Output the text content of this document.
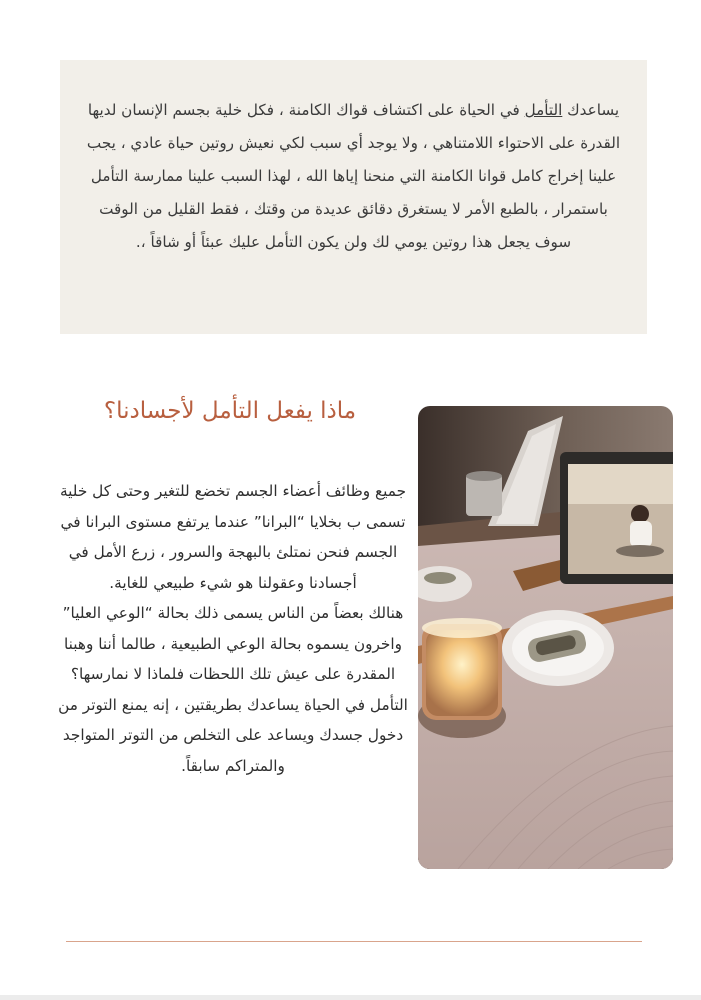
يساعدك التأمل في الحياة على اكتشاف قواك الكامنة ، فكل خلية بجسم الإنسان لديها القدرة على الاحتواء اللامتناهي ، ولا يوجد أي سبب لكي نعيش روتين حياة عادي ، يجب علينا إخراج كامل قوانا الكامنة التي منحنا إياها الله ، لهذا السبب علينا ممارسة التأمل باستمرار ، بالطبع الأمر لا يستغرق دقائق عديدة من وقتك ، فقط القليل من الوقت سوف يجعل هذا روتين يومي لك ولن يكون التأمل عليك عبئاً أو شاقاً ،.

ماذا يفعل التأمل لأجسادنا؟
جميع وظائف أعضاء الجسم تخضع للتغير وحتى كل خلية تسمى ب بخلايا “البرانا” عندما يرتفع مستوى البرانا في الجسم فنحن نمتلئ بالبهجة والسرور ، زرع الأمل في أجسادنا وعقولنا هو شيء طبيعي للغاية.
هنالك بعضاً من الناس يسمى ذلك بحالة “الوعي العليا” واخرون يسموه بحالة الوعي الطبيعية ، طالما أننا وهبنا المقدرة على عيش تلك اللحظات فلماذا لا نمارسها؟
التأمل في الحياة يساعدك بطريقتين ، إنه يمنع التوتر من دخول جسدك ويساعد على التخلص من التوتر المتواجد والمتراكم سابقاً.
